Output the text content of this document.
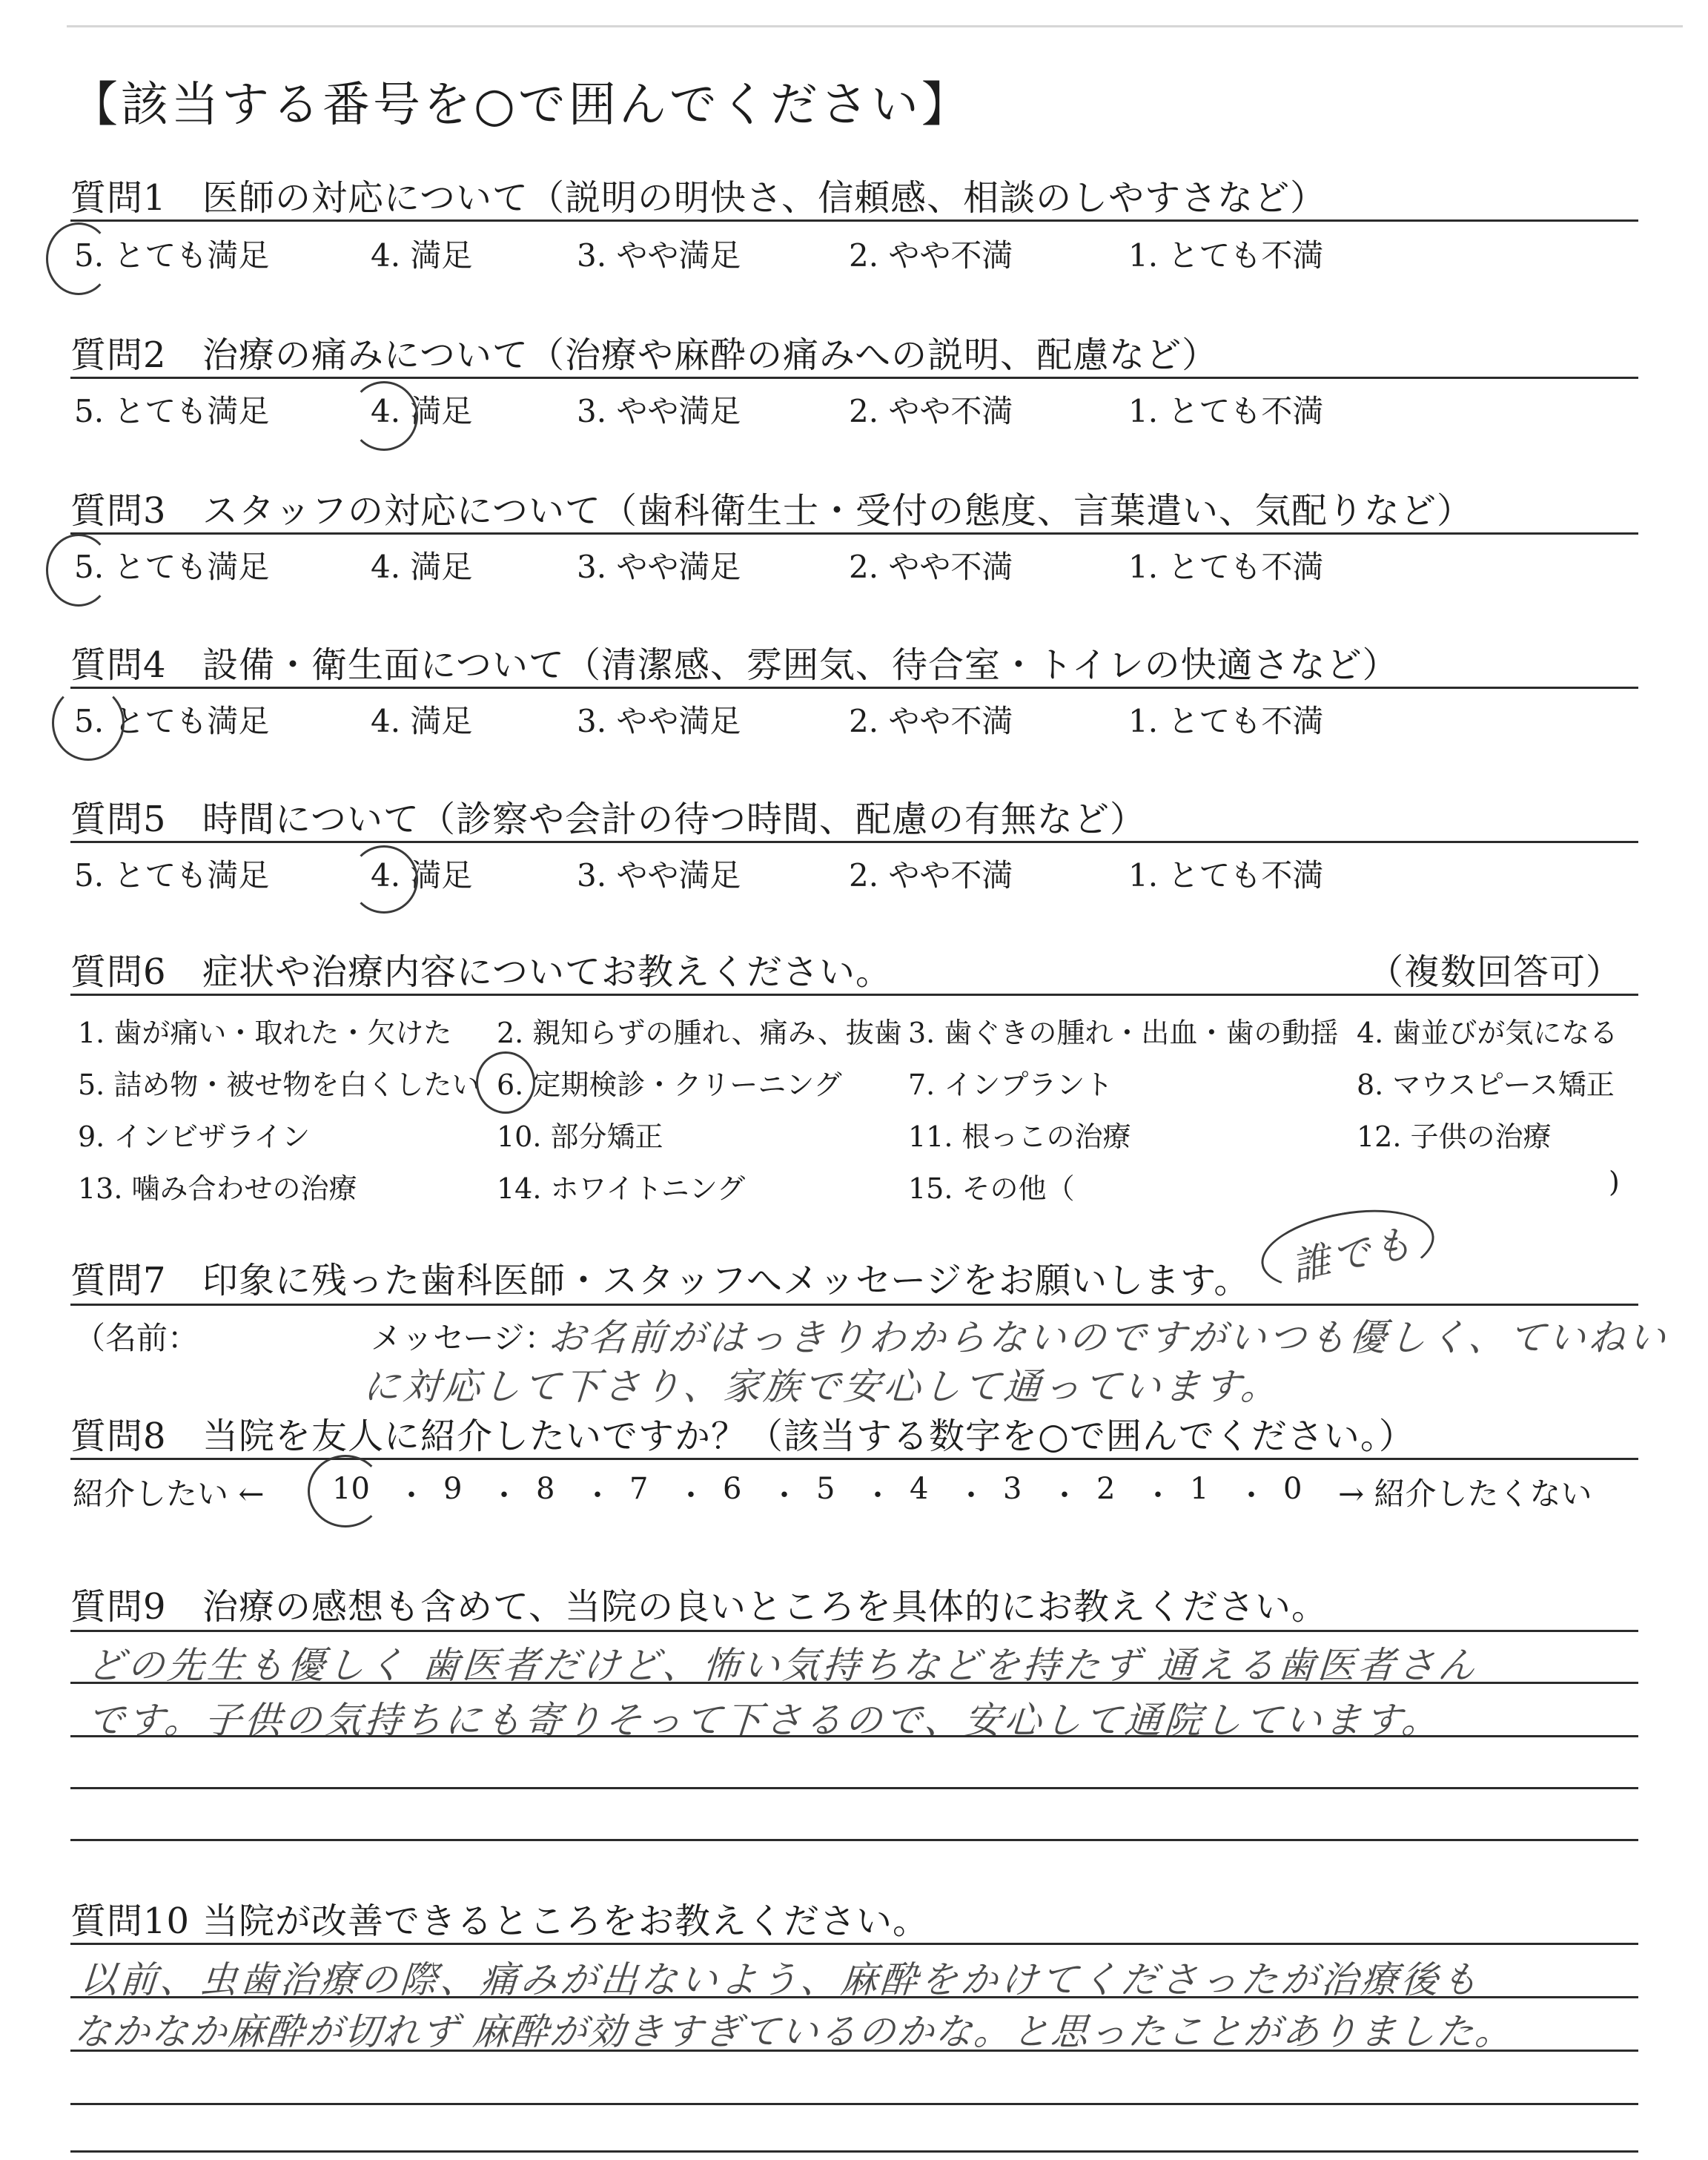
【該当する番号を○で囲んでください】
質問1 医師の対応について（説明の明快さ、信頼感、相談のしやすさなど）
5. とても満足	4. 満足	3. やや満足	2. やや不満	1. とても不満
質問2 治療の痛みについて（治療や麻酔の痛みへの説明、配慮など）
5. とても満足	4. 満足	3. やや満足	2. やや不満	1. とても不満
質問3 スタッフの対応について（歯科衛生士・受付の態度、言葉遣い、気配りなど）
5. とても満足	4. 満足	3. やや満足	2. やや不満	1. とても不満
質問4 設備・衛生面について（清潔感、雰囲気、待合室・トイレの快適さなど）
5. とても満足	4. 満足	3. やや満足	2. やや不満	1. とても不満
質問5 時間について（診察や会計の待つ時間、配慮の有無など）
5. とても満足	4. 満足	3. やや満足	2. やや不満	1. とても不満
質問6 症状や治療内容についてお教えください。	（複数回答可）
1. 歯が痛い・取れた・欠けた 2. 親知らずの腫れ、痛み、抜歯 3. 歯ぐきの腫れ・出血・歯の動揺 4. 歯並びが気になる
5. 詰め物・被せ物を白くしたい 6. 定期検診・クリーニング 7. インプラント	8. マウスピース矯正
9. インビザライン	10. 部分矯正	11. 根っこの治療	12. 子供の治療
13. 噛み合わせの治療	14. ホワイトニング	15. その他（	)
質問7 印象に残った歯科医師・スタッフへメッセージをお願いします。 誰でも
（名前：	メッセージ：
お名前がはっきりわからないのですがいつも優しく、ていねい
に対応して下さり、家族で安心して通っています。
質問8 当院を友人に紹介したいですか？（該当する数字を○で囲んでください。）
紹介したい ← 10 ・ 9 ・ 8 ・ 7 ・ 6 ・ 5 ・ 4 ・ 3 ・ 2 ・ 1 ・ 0 → 紹介したくない
質問9 治療の感想も含めて、当院の良いところを具体的にお教えください。
どの先生も優しく 歯医者だけど、怖い気持ちなどを持たず 通える歯医者さん
です。子供の気持ちにも寄りそって下さるので、安心して通院しています。
質問10 当院が改善できるところをお教えください。
以前、虫歯治療の際、痛みが出ないよう、麻酔をかけてくださったが治療後も
なかなか麻酔が切れず 麻酔が効きすぎているのかな。と思ったことがありました。
